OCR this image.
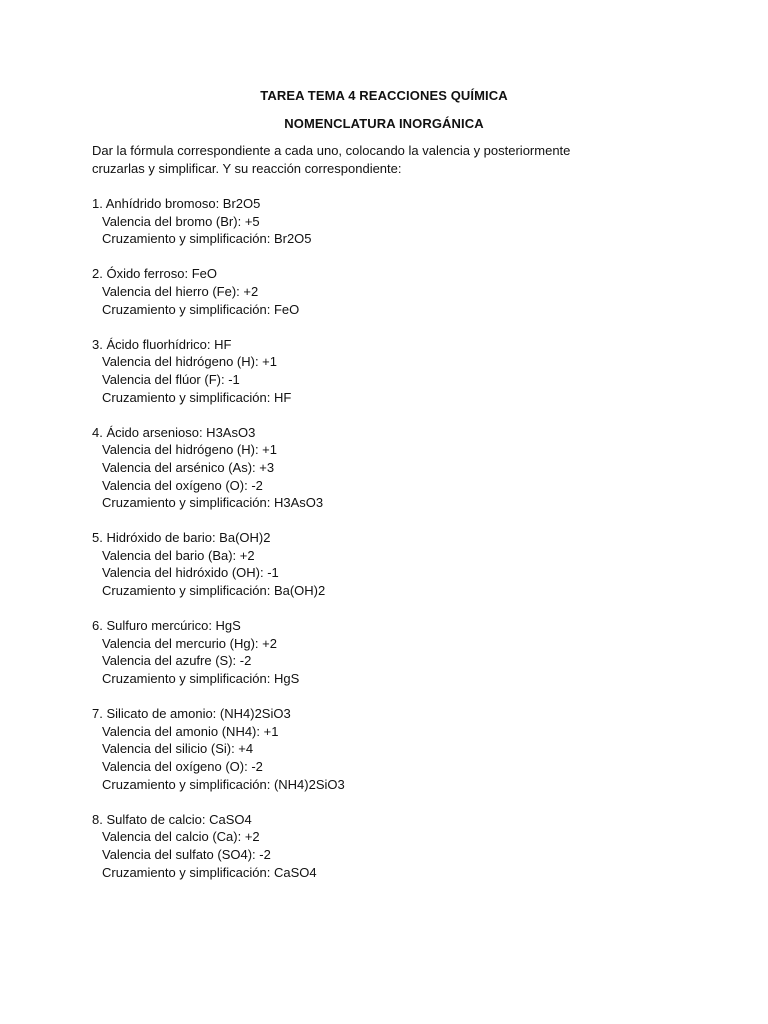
TAREA TEMA 4 REACCIONES QUÍMICA
NOMENCLATURA INORGÁNICA
Dar la fórmula correspondiente a cada uno, colocando la valencia y posteriormente
cruzarlas y simplificar. Y su reacción correspondiente:
1. Anhídrido bromoso: Br2O5
Valencia del bromo (Br): +5
Cruzamiento y simplificación: Br2O5
2. Óxido ferroso: FeO
Valencia del hierro (Fe): +2
Cruzamiento y simplificación: FeO
3. Ácido fluorhídrico: HF
Valencia del hidrógeno (H): +1
Valencia del flúor (F): -1
Cruzamiento y simplificación: HF
4. Ácido arsenioso: H3AsO3
Valencia del hidrógeno (H): +1
Valencia del arsénico (As): +3
Valencia del oxígeno (O): -2
Cruzamiento y simplificación: H3AsO3
5. Hidróxido de bario: Ba(OH)2
Valencia del bario (Ba): +2
Valencia del hidróxido (OH): -1
Cruzamiento y simplificación: Ba(OH)2
6. Sulfuro mercúrico: HgS
Valencia del mercurio (Hg): +2
Valencia del azufre (S): -2
Cruzamiento y simplificación: HgS
7. Silicato de amonio: (NH4)2SiO3
Valencia del amonio (NH4): +1
Valencia del silicio (Si): +4
Valencia del oxígeno (O): -2
Cruzamiento y simplificación: (NH4)2SiO3
8. Sulfato de calcio: CaSO4
Valencia del calcio (Ca): +2
Valencia del sulfato (SO4): -2
Cruzamiento y simplificación: CaSO4
